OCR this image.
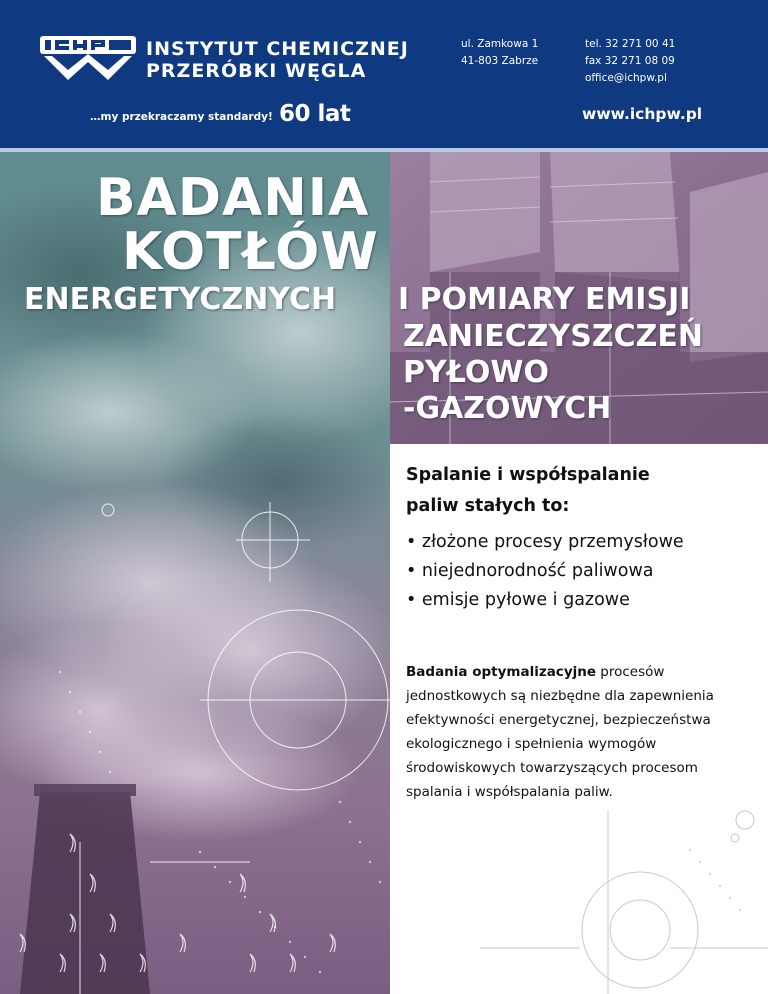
INSTYTUT CHEMICZNEJ
PRZERÓBKI WĘGLA
…my przekraczamy standardy! 60 lat
ul. Zamkowa 1
41-803 Zabrze
tel. 32 271 00 41
fax 32 271 08 09
office@ichpw.pl
www.ichpw.pl
BADANIA
KOTŁÓW
ENERGETYCZNYCH I POMIARY EMISJI
ZANIECZYSZCZEŃ
PYŁOWO
-GAZOWYCH
Spalanie i współspalanie
paliw stałych to:
• złożone procesy przemysłowe
• niejednorodność paliwowa
• emisje pyłowe i gazowe
Badania optymalizacyjne procesów jednostkowych są niezbędne dla zapewnienia efektywności energetycznej, bezpieczeństwa ekologicznego i spełnienia wymogów środowiskowych towarzyszących procesom spalania i współspalania paliw.
